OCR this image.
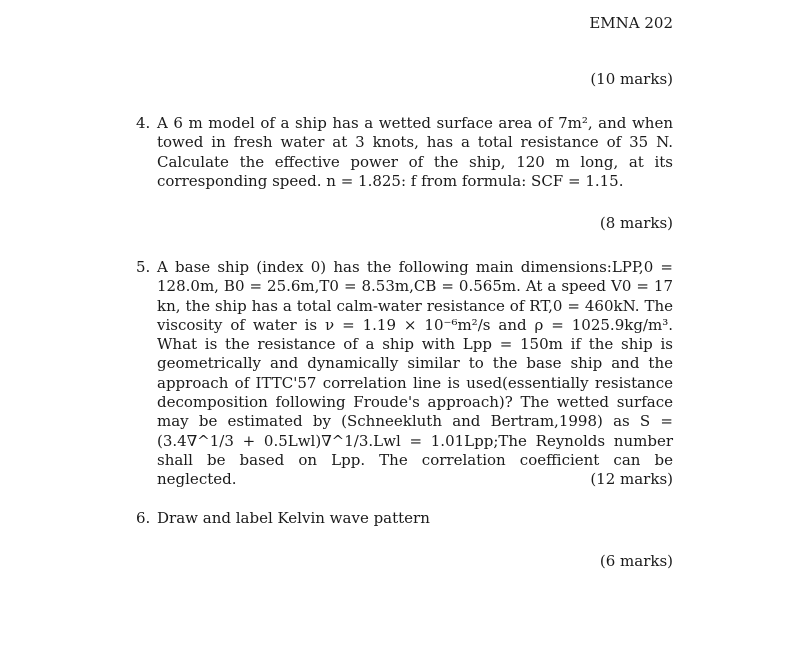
EMNA 202
(10 marks)
4. A 6 m model of a ship has a wetted surface area of 7m², and when towed in fresh water at 3 knots, has a total resistance of 35 N. Calculate the effective power of the ship, 120 m long, at its corresponding speed. n = 1.825: f from formula: SCF = 1.15.
(8 marks)
5. A base ship (index 0) has the following main dimensions:LPP,0 = 128.0m, B0 = 25.6m,T0 = 8.53m,CB = 0.565m. At a speed V0 = 17 kn, the ship has a total calm-water resistance of RT,0 = 460kN. The viscosity of water is ν = 1.19 × 10⁻⁶m²/s and ρ = 1025.9kg/m³. What is the resistance of a ship with Lpp = 150m if the ship is geometrically and dynamically similar to the base ship and the approach of ITTC'57 correlation line is used(essentially resistance decomposition following Froude's approach)? The wetted surface may be estimated by (Schneekluth and Bertram,1998) as S = (3.4∇^1/3 + 0.5Lwl)∇^1/3.Lwl = 1.01Lpp;The Reynolds number shall be based on Lpp. The correlation coefficient can be neglected.	(12 marks)
6. Draw and label Kelvin wave pattern
(6 marks)
